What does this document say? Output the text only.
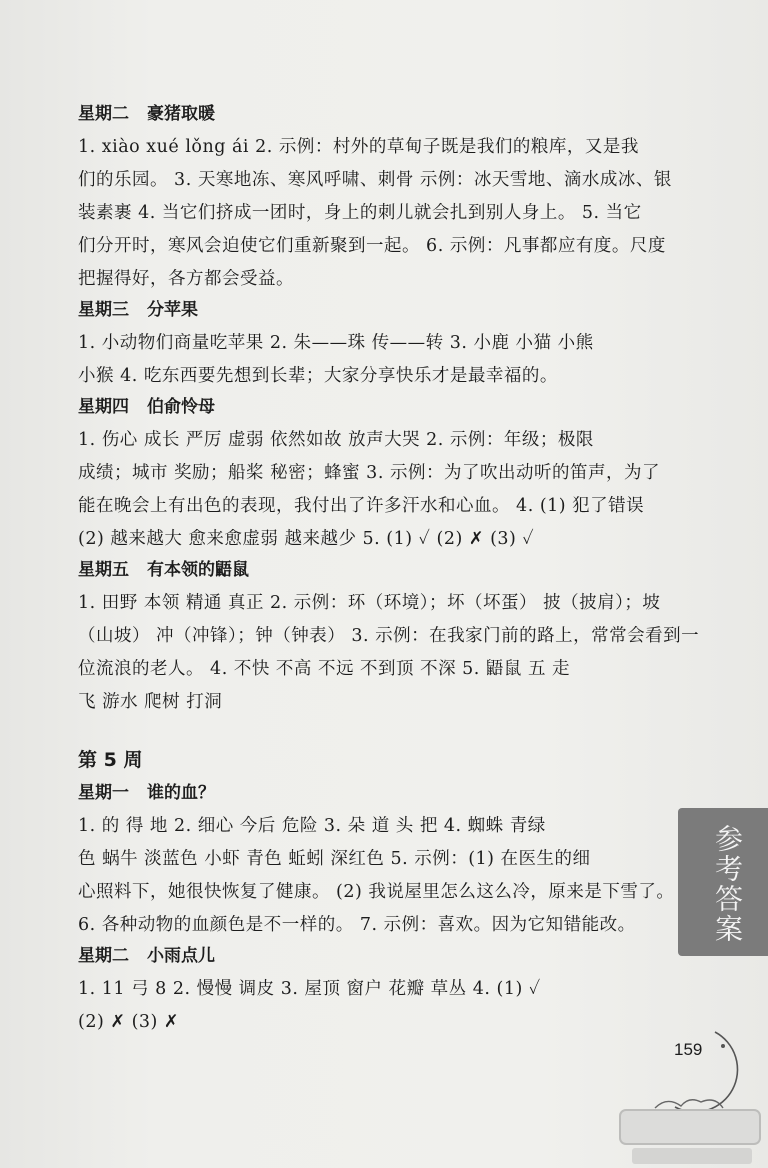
星期二 豪猪取暖
1. xiào xué lǒng ái 2. 示例：村外的草甸子既是我们的粮库，又是我
们的乐园。 3. 天寒地冻、寒风呼啸、刺骨 示例：冰天雪地、滴水成冰、银
装素裹 4. 当它们挤成一团时，身上的刺儿就会扎到别人身上。 5. 当它
们分开时，寒风会迫使它们重新聚到一起。 6. 示例：凡事都应有度。尺度
把握得好，各方都会受益。
星期三 分苹果
1. 小动物们商量吃苹果 2. 朱——珠 传——转 3. 小鹿 小猫 小熊
小猴 4. 吃东西要先想到长辈；大家分享快乐才是最幸福的。
星期四 伯俞怜母
1. 伤心 成长 严厉 虚弱 依然如故 放声大哭 2. 示例：年级；极限
成绩；城市 奖励；船桨 秘密；蜂蜜 3. 示例：为了吹出动听的笛声，为了
能在晚会上有出色的表现，我付出了许多汗水和心血。 4. (1) 犯了错误
(2) 越来越大 愈来愈虚弱 越来越少 5. (1) ✓ (2) ✗ (3) ✓
星期五 有本领的鼯鼠
1. 田野 本领 精通 真正 2. 示例：环（环境）；坏（坏蛋） 披（披肩）；坡
（山坡） 冲（冲锋）；钟（钟表） 3. 示例：在我家门前的路上，常常会看到一
位流浪的老人。 4. 不快 不高 不远 不到顶 不深 5. 鼯鼠 五 走
飞 游水 爬树 打洞
第 5 周
星期一 谁的血？
1. 的 得 地 2. 细心 今后 危险 3. 朵 道 头 把 4. 蜘蛛 青绿
色 蜗牛 淡蓝色 小虾 青色 蚯蚓 深红色 5. 示例：(1) 在医生的细
心照料下，她很快恢复了健康。 (2) 我说屋里怎么这么冷，原来是下雪了。
6. 各种动物的血颜色是不一样的。 7. 示例：喜欢。因为它知错能改。
星期二 小雨点儿
1. 11 弓 8 2. 慢慢 调皮 3. 屋顶 窗户 花瓣 草丛 4. (1) ✓
(2) ✗ (3) ✗
参考答案
159
